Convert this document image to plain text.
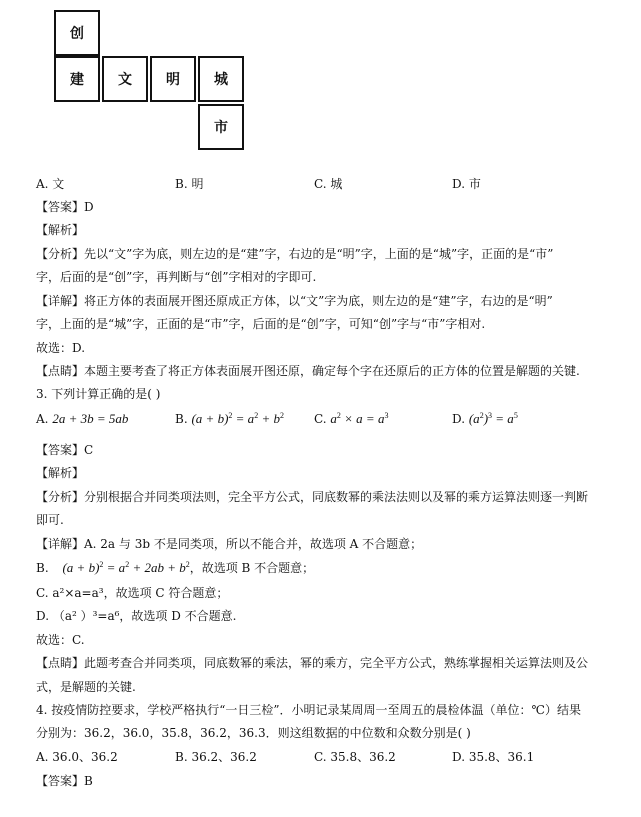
创
建	文	明	城
市
A. 文	B. 明	C. 城	D. 市
【答案】D
【解析】
【分析】先以“文”字为底，则左边的是“建”字，右边的是“明”字，上面的是“城”字，正面的是“市”
字，后面的是“创”字，再判断与“创”字相对的字即可.
【详解】将正方体的表面展开图还原成正方体，以“文”字为底，则左边的是“建”字，右边的是“明”
字，上面的是“城”字，正面的是“市”字，后面的是“创”字，可知“创”字与“市”字相对.
故选：D.
【点睛】本题主要考查了将正方体表面展开图还原，确定每个字在还原后的正方体的位置是解题的关键.
3. 下列计算正确的是( )
A. 2a + 3b = 5ab	B. $(a + b)^2 = a^2 + b^2$	C. $a^2 \times a = a^3$	D. $(a^2)^3 = a^5$
【答案】C
【解析】
【分析】分别根据合并同类项法则，完全平方公式，同底数幂的乘法法则以及幂的乘方运算法则逐一判断
即可.
【详解】A. 2a 与 3b 不是同类项，所以不能合并，故选项 A 不合题意；
B. $(a + b)^2 = a^2 + 2ab + b^2$，故选项 B 不合题意；
C. a²×a=a³，故选项 C 符合题意；
D. （a² ）³=a⁶，故选项 D 不合题意.
故选：C.
【点睛】此题考查合并同类项，同底数幂的乘法，幂的乘方，完全平方公式，熟练掌握相关运算法则及公
式，是解题的关键.
4. 按疫情防控要求，学校严格执行“一日三检”．小明记录某周周一至周五的晨检体温（单位：℃）结果
分别为：36.2，36.0，35.8，36.2，36.3．则这组数据的中位数和众数分别是( )
A. 36.0、36.2	B. 36.2、36.2	C. 35.8、36.2	D. 35.8、36.1
【答案】B
